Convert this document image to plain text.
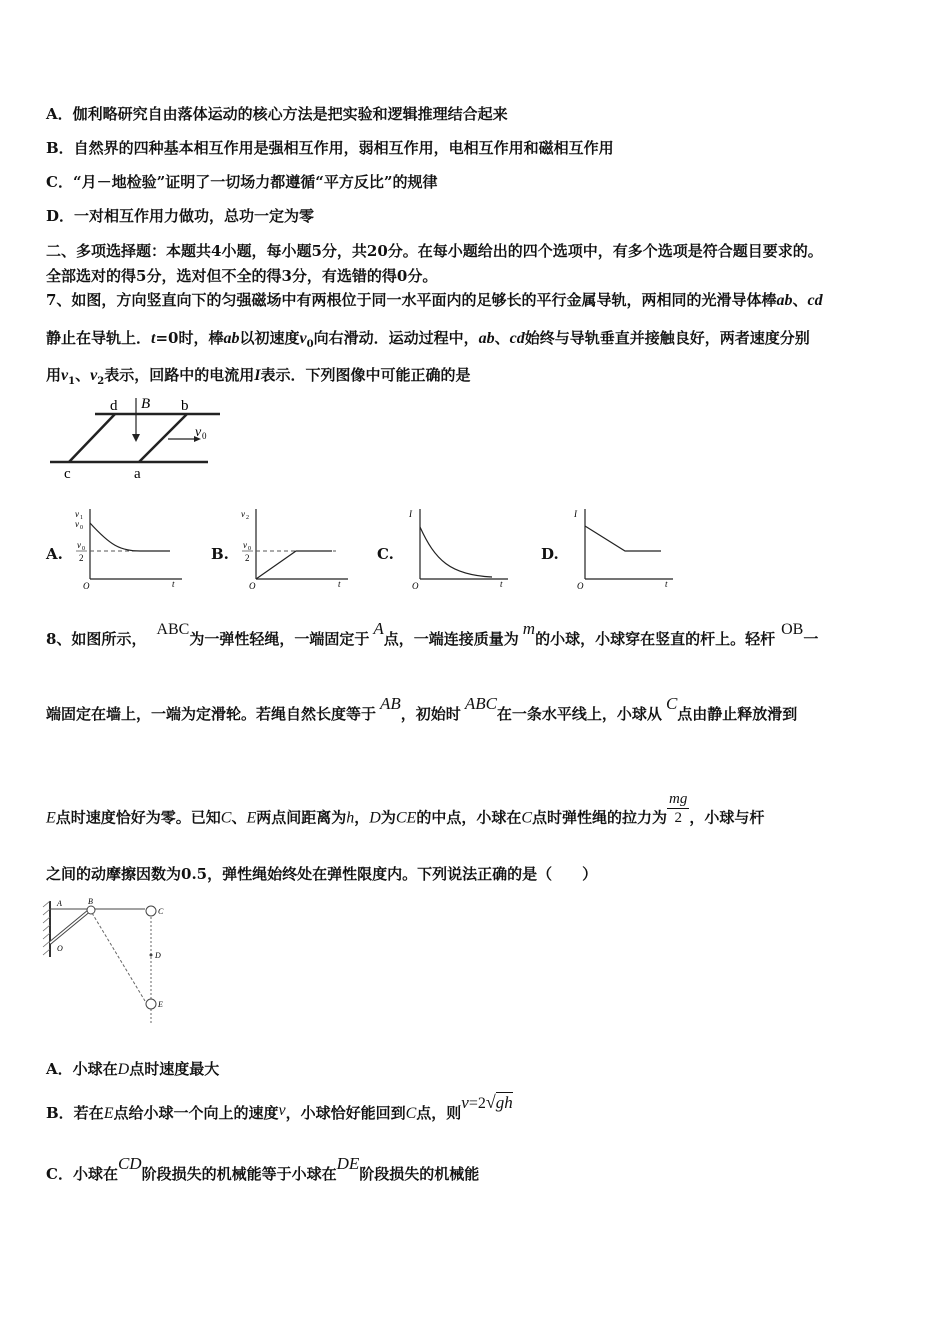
A．伽利略研究自由落体运动的核心方法是把实验和逻辑推理结合起来
B．自然界的四种基本相互作用是强相互作用，弱相互作用，电相互作用和磁相互作用
C．“月－地检验”证明了一切场力都遵循“平方反比”的规律
D．一对相互作用力做功，总功一定为零
二、多项选择题：本题共4小题，每小题5分，共20分。在每小题给出的四个选项中，有多个选项是符合题目要求的。
全部选对的得5分，选对但不全的得3分，有选错的得0分。
7、如图，方向竖直向下的匀强磁场中有两根位于同一水平面内的足够长的平行金属导轨，两相同的光滑导体棒ab、cd
静止在导轨上．t=0时，棒ab以初速度$v_0$向右滑动．运动过程中，ab、cd始终与导轨垂直并接触良好，两者速度分别
用$v_1$、$v_2$表示，回路中的电流用I表示．下列图像中可能正确的是
d	b
B
v 0
c	a
A.
v 1
v 0
v 0
2
t
O
B.
v 2
v 0
2
t
O
C.
I
t
O
D.
I
t
O
8、如图所示，ABC为一弹性轻绳，一端固定于A点，一端连接质量为m的小球，小球穿在竖直的杆上。轻杆OB一
端固定在墙上，一端为定滑轮。若绳自然长度等于AB，初始时ABC在一条水平线上，小球从C点由静止释放滑到
E点时速度恰好为零。已知C、E两点间距离为h，D为CE的中点，小球在C点时弹性绳的拉力为 $\frac{mg}{2}$ ，小球与杆
之间的动摩擦因数为0.5，弹性绳始终处在弹性限度内。下列说法正确的是（　　）
A	B
C
D
O
E
A．小球在D点时速度最大
B．若在E点给小球一个向上的速度v，小球恰好能回到C点，则v=2√gh
C．小球在CD阶段损失的机械能等于小球在DE阶段损失的机械能
